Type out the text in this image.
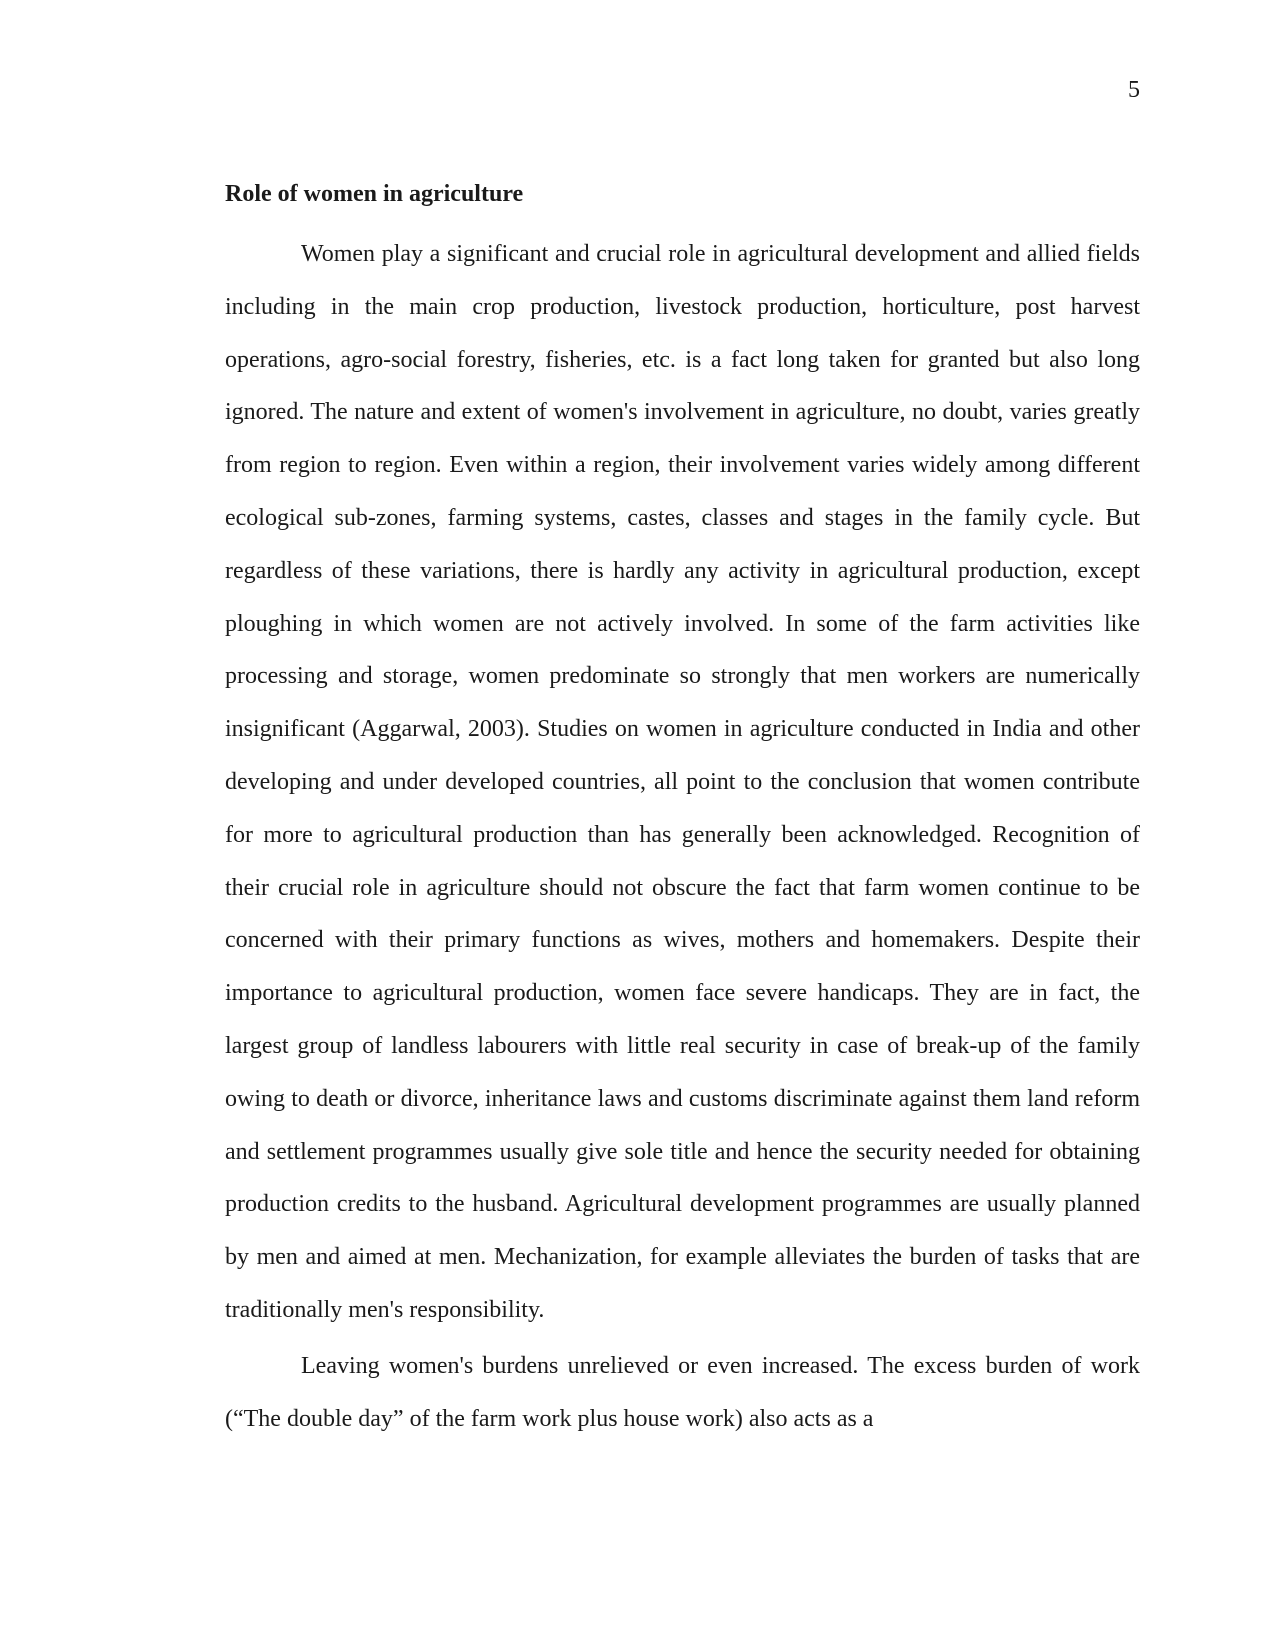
5
Role of women in agriculture

Women play a significant and crucial role in agricultural development and allied fields including in the main crop production, livestock production, horticulture, post harvest operations, agro-social forestry, fisheries, etc. is a fact long taken for granted but also long ignored. The nature and extent of women's involvement in agriculture, no doubt, varies greatly from region to region. Even within a region, their involvement varies widely among different ecological sub-zones, farming systems, castes, classes and stages in the family cycle. But regardless of these variations, there is hardly any activity in agricultural production, except ploughing in which women are not actively involved. In some of the farm activities like processing and storage, women predominate so strongly that men workers are numerically insignificant (Aggarwal, 2003). Studies on women in agriculture conducted in India and other developing and under developed countries, all point to the conclusion that women contribute for more to agricultural production than has generally been acknowledged. Recognition of their crucial role in agriculture should not obscure the fact that farm women continue to be concerned with their primary functions as wives, mothers and homemakers. Despite their importance to agricultural production, women face severe handicaps. They are in fact, the largest group of landless labourers with little real security in case of break-up of the family owing to death or divorce, inheritance laws and customs discriminate against them land reform and settlement programmes usually give sole title and hence the security needed for obtaining production credits to the husband. Agricultural development programmes are usually planned by men and aimed at men. Mechanization, for example alleviates the burden of tasks that are traditionally men's responsibility.

Leaving women's burdens unrelieved or even increased. The excess burden of work (“The double day” of the farm work plus house work) also acts as a
